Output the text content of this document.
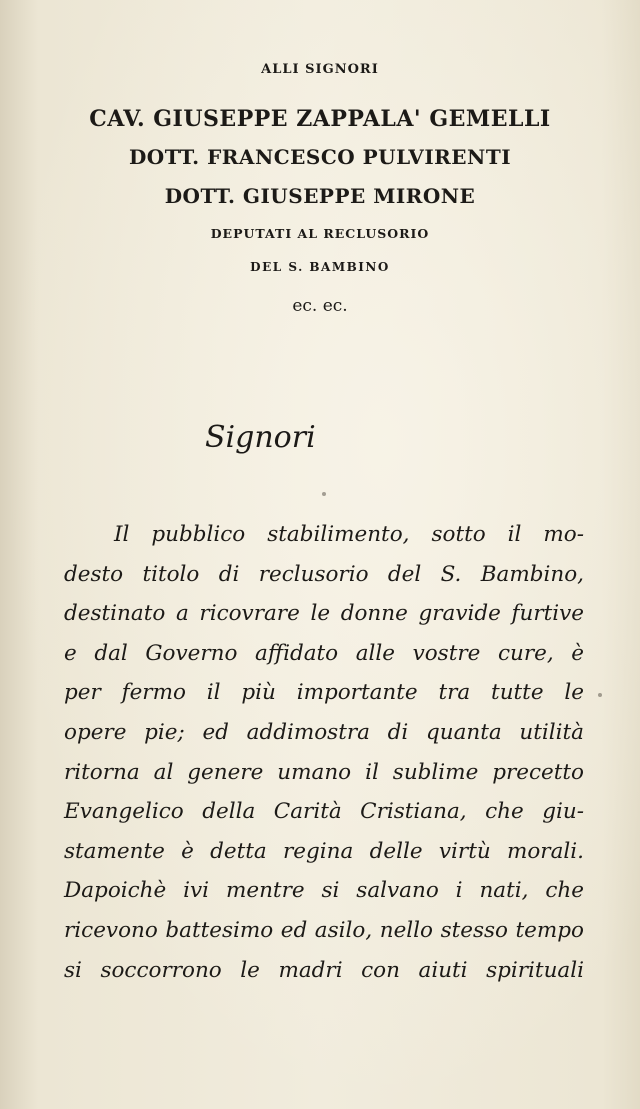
ALLI SIGNORI
CAV. GIUSEPPE ZAPPALA' GEMELLI
DOTT. FRANCESCO PULVIRENTI
DOTT. GIUSEPPE MIRONE
DEPUTATI AL RECLUSORIO
DEL S. BAMBINO
ec. ec.
Signori
Il pubblico stabilimento, sotto il mo-
desto titolo di reclusorio del S. Bambino,
destinato a ricovrare le donne gravide furtive
e dal Governo affidato alle vostre cure, è
per fermo il più importante tra tutte le
opere pie; ed addimostra di quanta utilità
ritorna al genere umano il sublime precetto
Evangelico della Carità Cristiana, che giu-
stamente è detta regina delle virtù morali.
Dapoichè ivi mentre si salvano i nati, che
ricevono battesimo ed asilo, nello stesso tempo
si soccorrono le madri con aiuti spirituali
